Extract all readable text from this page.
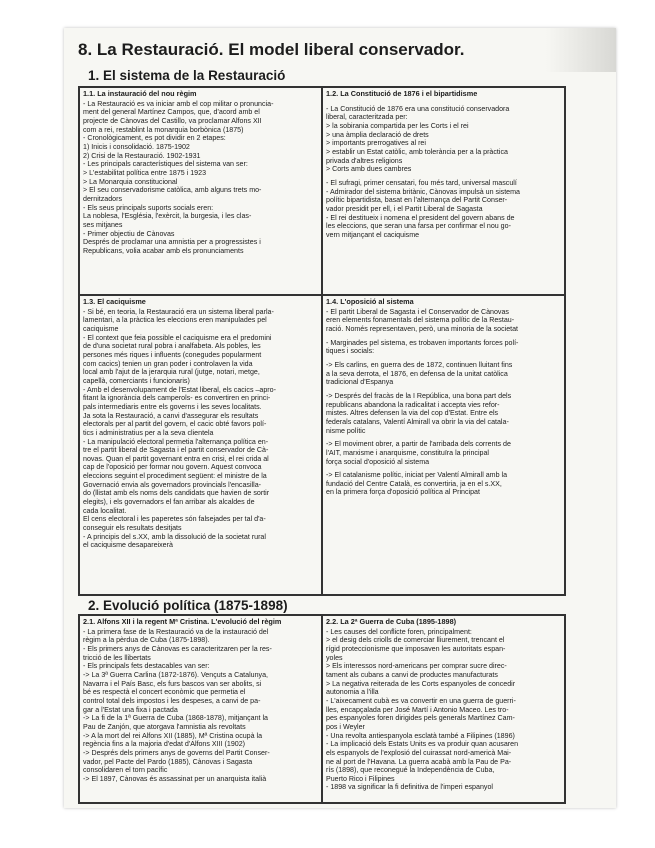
8. La Restauració. El model liberal conservador.
1. El sistema de la Restauració
1.1. La instauració del nou règim
- La Restauració es va iniciar amb el cop militar o pronuncia-
ment del general Martínez Campos, que, d'acord amb el
projecte de Cànovas del Castillo, va proclamar Alfons XII
com a rei, restablint la monarquia borbònica (1875)
- Cronològicament, es pot dividir en 2 etapes:
1) Inicis i consolidació. 1875-1902
2) Crisi de la Restauració. 1902-1931
- Les principals característiques del sistema van ser:
> L'estabilitat política entre 1875 i 1923
> La Monarquia constitucional
> El seu conservadorisme catòlica, amb alguns trets mo-
dernitzadors
- Els seus principals suports socials eren:
La noblesa, l'Església, l'exèrcit, la burgesia, i les clas-
ses mitjanes
- Primer objectiu de Cànovas
Després de proclamar una amnistia per a progressistes i
Republicans, volia acabar amb els pronunciaments
1.2. La Constitució de 1876 i el bipartidisme
- La Constitució de 1876 era una constitució conservadora
liberal, caracteritzada per:
> la sobirania compartida per les Corts i el rei
> una àmplia declaració de drets
> importants prerrogatives al rei
> establir un Estat catòlic, amb tolerància per a la pràctica
privada d'altres religions
> Corts amb dues cambres
- El sufragi, primer censatari, fou més tard, universal masculí
- Admirador del sistema britànic, Cànovas impulsà un sistema
polític bipartidista, basat en l'alternança del Partit Conser-
vador presidit per ell, i el Partit Liberal de Sagasta
- El rei destitueix i nomena el president del govern abans de
les eleccions, que seran una farsa per confirmar el nou go-
vern mitjançant el caciquisme
1.3. El caciquisme
- Si bé, en teoria, la Restauració era un sistema liberal parla-
lamentari, a la pràctica les eleccions eren manipulades pel
caciquisme
- El context que feia possible el caciquisme era el predomini
de d'una societat rural pobra i analfabeta. Als pobles, les
persones més riques i influents (conegudes popularment
com cacics) tenien un gran poder i controlaven la vida
local amb l'ajut de la jerarquia rural (jutge, notari, metge,
capellà, comerciants i funcionaris)
- Amb el desenvolupament de l'Estat liberal, els cacics –apro-
fitant la ignorància dels camperols- es convertiren en princi-
pals intermediaris entre els governs i les seves localitats.
Ja sota la Restauració, a canvi d'assegurar els resultats
electorals per al partit del govern, el cacic obté favors polí-
tics i administratius per a la seva clientela
- La manipulació electoral permetia l'alternança política en-
tre el partit liberal de Sagasta i el partit conservador de Cà-
novas. Quan el partit governant entra en crisi, el rei crida al
cap de l'oposició per formar nou govern. Aquest convoca
eleccions seguint el procediment següent: el ministre de la
Governació envia als governadors provincials l'encasilla-
do (llistat amb els noms dels candidats que havien de sortir
elegits), i els governadors el fan arribar als alcaldes de
cada localitat.
El cens electoral i les paperetes són falsejades per tal d'a-
conseguir els resultats desitjats
- A principis del s.XX, amb la dissolució de la societat rural
el caciquisme desapareixerà
1.4. L'oposició al sistema
- El partit Liberal de Sagasta i el Conservador de Cànovas
eren elements fonamentals del sistema polític de la Restau-
ració. Només representaven, però, una minoria de la societat
- Marginades pel sistema, es trobaven importants forces polí-
tiques i socials:
-> Els carlins, en guerra des de 1872, continuen lluitant fins
a la seva derrota, el 1876, en defensa de la unitat catòlica
tradicional d'Espanya
-> Després del fracàs de la I República, una bona part dels
republicans abandona la radicalitat i accepta vies refor-
mistes. Altres defensen la via del cop d'Estat. Entre els
federals catalans, Valentí Almirall va obrir la via del catala-
nisme polític
-> El moviment obrer, a partir de l'arribada dels corrents de
l'AIT, marxisme i anarquisme, constituïra la principal
força social d'oposició al sistema
-> El catalanisme polític, iniciat per Valentí Almirall amb la
fundació del Centre Català, es convertiria, ja en el s.XX,
en la primera força d'oposició política al Principat
2. Evolució política (1875-1898)
2.1. Alfons XII i la regent Mª Cristina. L'evolució del règim
- La primera fase de la Restauració va de la instauració del
règim a la pèrdua de Cuba (1875-1898).
- Els primers anys de Cànovas es caracteritzaren per la res-
tricció de les llibertats
- Els principals fets destacables van ser:
-> La 3ª Guerra Carlina (1872-1876). Vençuts a Catalunya,
Navarra i el País Basc, els furs bascos van ser abolits, si
bé es respectà el concert econòmic que permetia el
control total dels impostos i les despeses, a canvi de pa-
gar a l'Estat una fixa i pactada
-> La fi de la 1ª Guerra de Cuba (1868-1878), mitjançant la
Pau de Zanjón, que atorgava l'amnistia als revoltats
-> A la mort del rei Alfons XII (1885), Mª Cristina ocupà la
regència fins a la majoria d'edat d'Alfons XIII (1902)
-> Després dels primers anys de governs del Partit Conser-
vador, pel Pacte del Pardo (1885), Cànovas i Sagasta
consolidaren el torn pacífic
-> El 1897, Cànovas és assassinat per un anarquista italià
2.2. La 2ª Guerra de Cuba (1895-1898)
- Les causes del conflicte foren, principalment:
> el desig dels criolls de comerciar lliurement, trencant el
rígid proteccionisme que imposaven les autoritats espan-
yoles
> Els interessos nord-americans per comprar sucre direc-
tament als cubans a canvi de productes manufacturats
> La negativa reiterada de les Corts espanyoles de concedir
autonomia a l'illa
- L'aixecament cubà es va convertir en una guerra de guerri-
lles, encapçalada per José Martí i Antonio Maceo. Les tro-
pes espanyoles foren dirigides pels generals Martínez Cam-
pos i Weyler
- Una revolta antiespanyola esclatà també a Filipines (1896)
- La implicació dels Estats Units es va produir quan acusaren
els espanyols de l'explosió del cuirassat nord-americà Mai-
ne al port de l'Havana. La guerra acabà amb la Pau de Pa-
rís (1898), que reconegué la Independència de Cuba,
Puerto Rico i Filipines
- 1898 va significar la fi definitiva de l'imperi espanyol
